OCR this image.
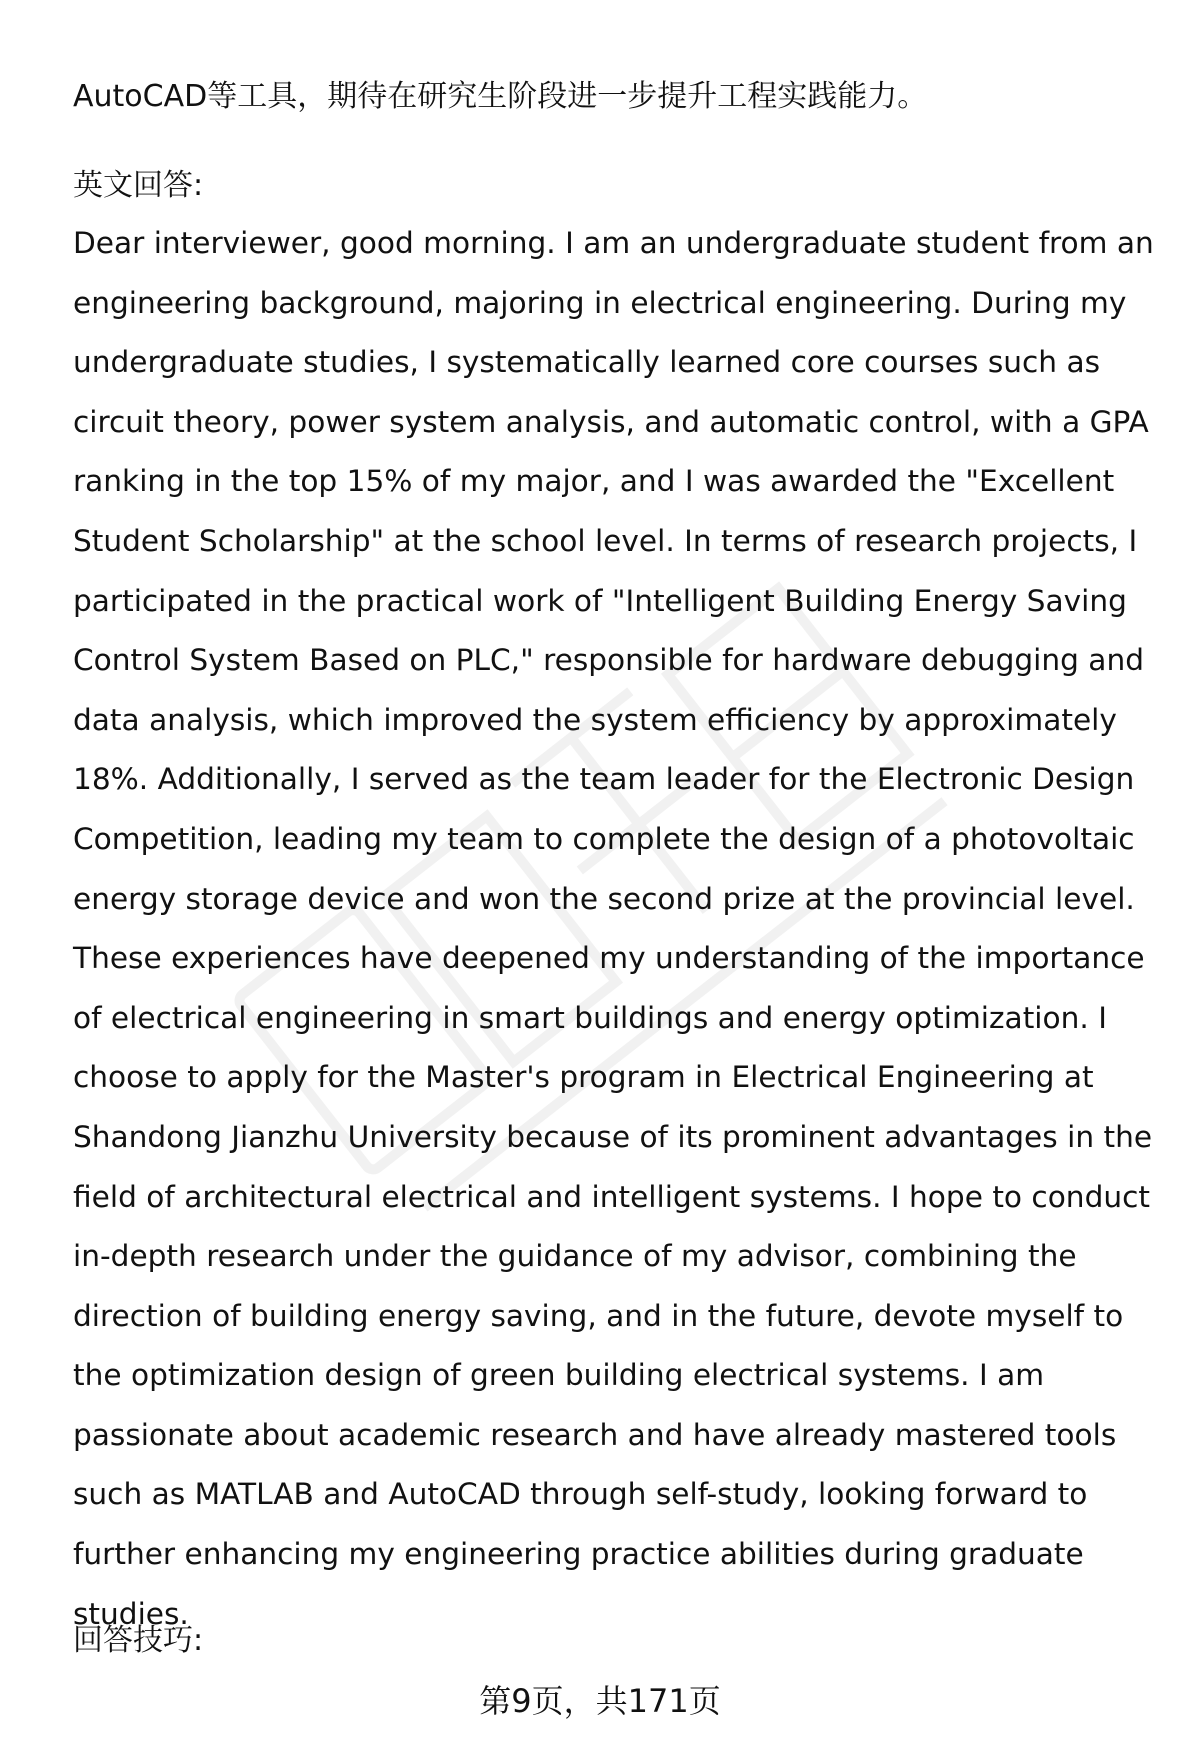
AutoCAD等工具，期待在研究生阶段进一步提升工程实践能力。
英文回答:
Dear interviewer, good morning. I am an undergraduate student from an engineering background, majoring in electrical engineering. During my undergraduate studies, I systematically learned core courses such as circuit theory, power system analysis, and automatic control, with a GPA ranking in the top 15% of my major, and I was awarded the "Excellent Student Scholarship" at the school level. In terms of research projects, I participated in the practical work of "Intelligent Building Energy Saving Control System Based on PLC," responsible for hardware debugging and data analysis, which improved the system efficiency by approximately 18%. Additionally, I served as the team leader for the Electronic Design Competition, leading my team to complete the design of a photovoltaic energy storage device and won the second prize at the provincial level. These experiences have deepened my understanding of the importance of electrical engineering in smart buildings and energy optimization. I choose to apply for the Master's program in Electrical Engineering at Shandong Jianzhu University because of its prominent advantages in the field of architectural electrical and intelligent systems. I hope to conduct in-depth research under the guidance of my advisor, combining the direction of building energy saving, and in the future, devote myself to the optimization design of green building electrical systems. I am passionate about academic research and have already mastered tools such as MATLAB and AutoCAD through self-study, looking forward to further enhancing my engineering practice abilities during graduate studies.
回答技巧:
第9页，共171页
